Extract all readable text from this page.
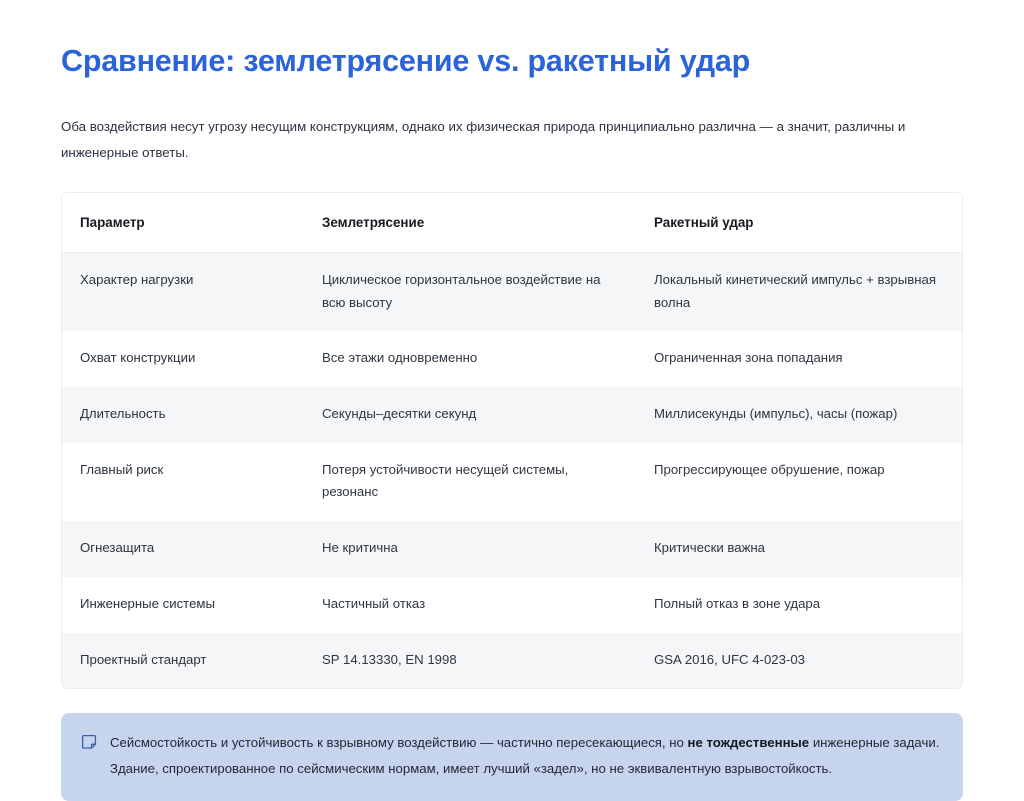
Сравнение: землетрясение vs. ракетный удар

Оба воздействия несут угрозу несущим конструкциям, однако их физическая природа принципиально различна — а значит, различны и инженерные ответы.

Параметр	Землетрясение	Ракетный удар
Характер нагрузки	Циклическое горизонтальное воздействие на всю высоту	Локальный кинетический импульс + взрывная волна
Охват конструкции	Все этажи одновременно	Ограниченная зона попадания
Длительность	Секунды–десятки секунд	Миллисекунды (импульс), часы (пожар)
Главный риск	Потеря устойчивости несущей системы, резонанс	Прогрессирующее обрушение, пожар
Огнезащита	Не критична	Критически важна
Инженерные системы	Частичный отказ	Полный отказ в зоне удара
Проектный стандарт	SP 14.13330, EN 1998	GSA 2016, UFC 4-023-03
Сейсмостойкость и устойчивость к взрывному воздействию — частично пересекающиеся, но не тождественные инженерные задачи. Здание, спроектированное по сейсмическим нормам, имеет лучший «задел», но не эквивалентную взрывостойкость.
